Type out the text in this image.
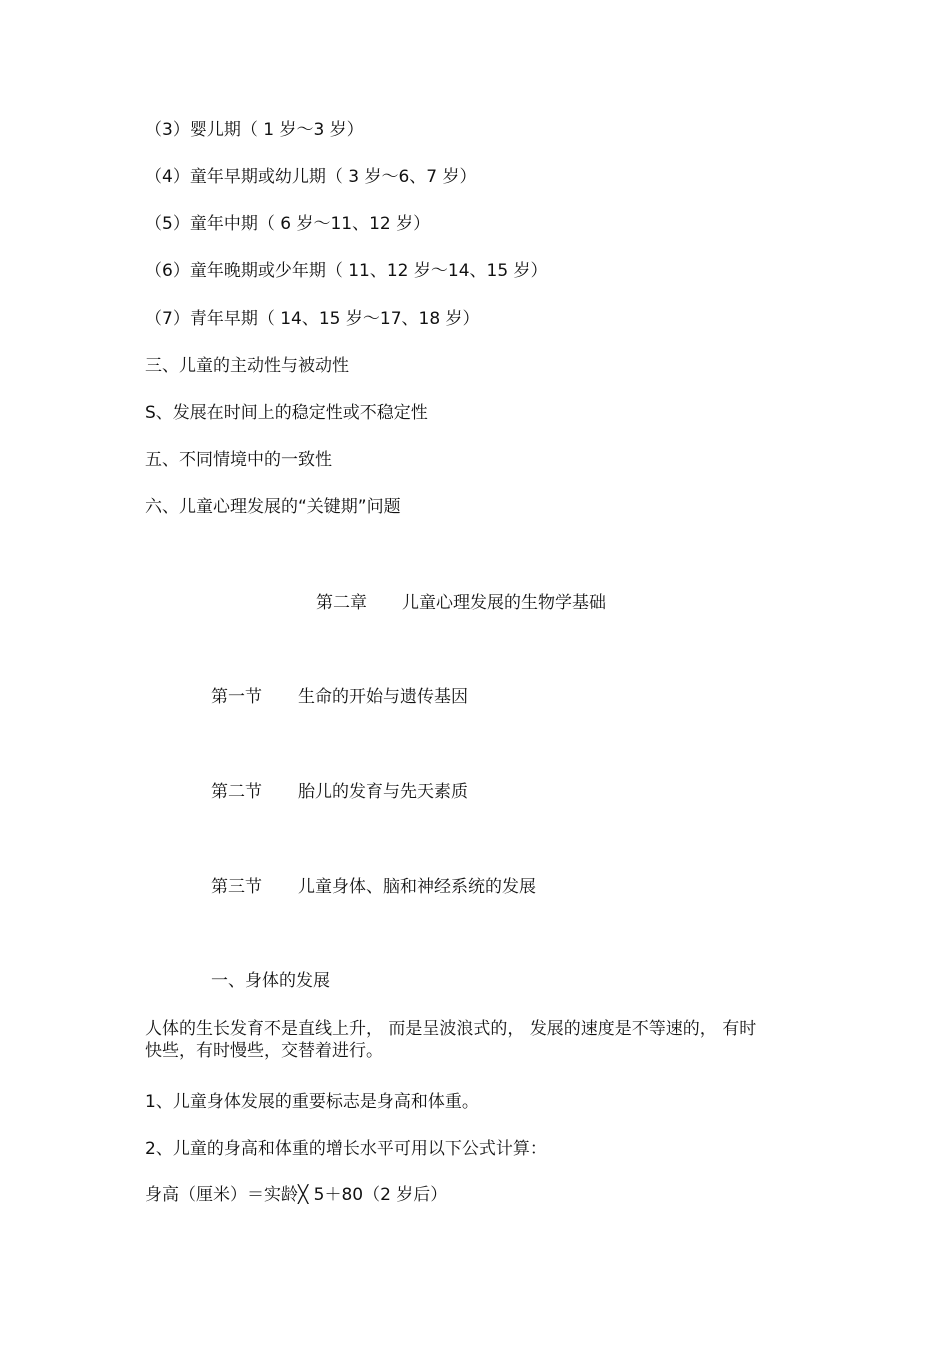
（3）婴儿期（ 1 岁～3 岁）
（4）童年早期或幼儿期（ 3 岁～6、7 岁）
（5）童年中期（ 6 岁～11、12 岁）
（6）童年晚期或少年期（ 11、12 岁～14、15 岁）
（7）青年早期（ 14、15 岁～17、18 岁）
三、儿童的主动性与被动性
S、发展在时间上的稳定性或不稳定性
五、不同情境中的一致性
六、儿童心理发展的“关键期”问题
第二章 儿童心理发展的生物学基础
第一节 生命的开始与遗传基因
第二节 胎儿的发育与先天素质
第三节 儿童身体、脑和神经系统的发展
一、身体的发展
人体的生长发育不是直线上升， 而是呈波浪式的， 发展的速度是不等速的， 有时
快些，有时慢些，交替着进行。
1、儿童身体发展的重要标志是身高和体重。
2、儿童的身高和体重的增长水平可用以下公式计算：
身高（厘米）＝实龄╳ 5＋80（2 岁后）
